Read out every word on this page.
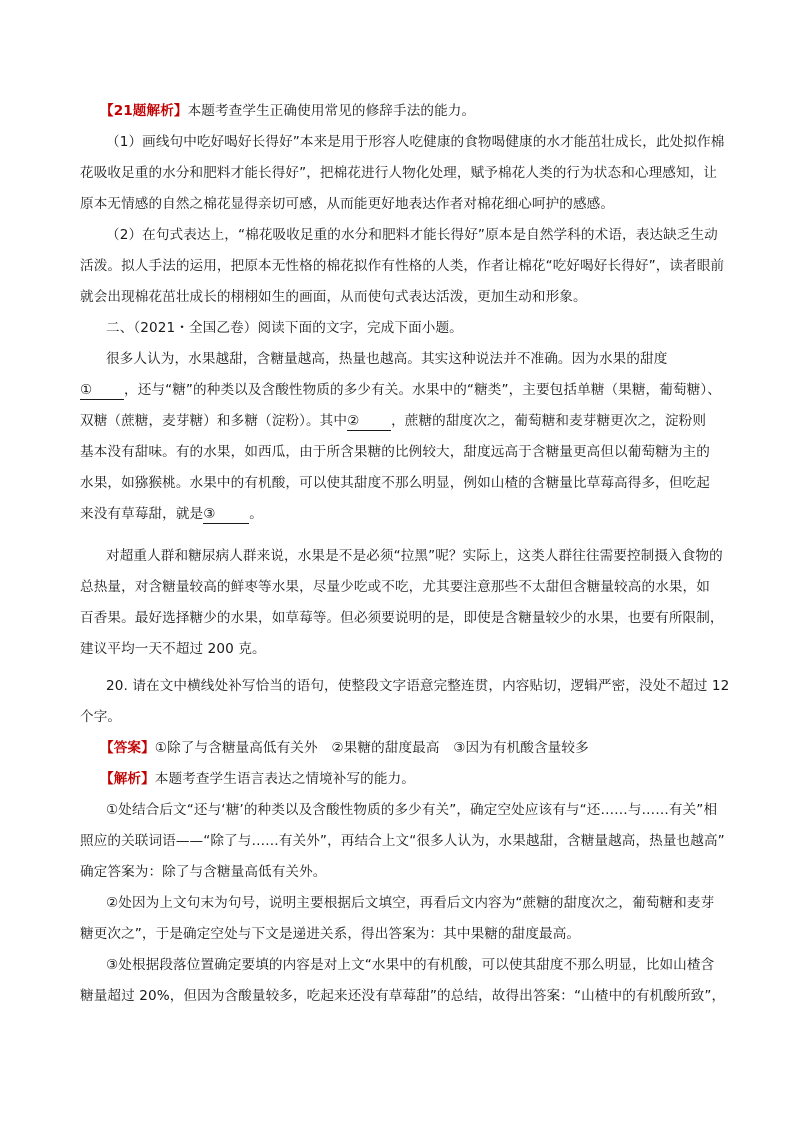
【21题解析】本题考查学生正确使用常见的修辞手法的能力。
（1）画线句中吃好喝好长得好”本来是用于形容人吃健康的食物喝健康的水才能茁壮成长，此处拟作棉
花吸收足重的水分和肥料才能长得好”，把棉花进行人物化处理，赋予棉花人类的行为状态和心理感知，让
原本无情感的自然之棉花显得亲切可感，从而能更好地表达作者对棉花细心呵护的感感。
（2）在句式表达上，“棉花吸收足重的水分和肥料才能长得好”原本是自然学科的术语，表达缺乏生动
活泼。拟人手法的运用，把原本无性格的棉花拟作有性格的人类，作者让棉花“吃好喝好长得好”，读者眼前
就会出现棉花茁壮成长的栩栩如生的画面，从而使句式表达活泼，更加生动和形象。
二、（2021・全国乙卷）阅读下面的文字，完成下面小题。
很多人认为，水果越甜，含糖量越高，热量也越高。其实这种说法并不准确。因为水果的甜度
① ，还与“糖”的种类以及含酸性物质的多少有关。水果中的“糖类”，主要包括单糖（果糖，葡萄糖）、
双糖（蔗糖，麦芽糖）和多糖（淀粉）。其中② ，蔗糖的甜度次之，葡萄糖和麦芽糖更次之，淀粉则
基本没有甜味。有的水果，如西瓜，由于所含果糖的比例较大，甜度远高于含糖量更高但以葡萄糖为主的
水果，如猕猴桃。水果中的有机酸，可以使其甜度不那么明显，例如山楂的含糖量比草莓高得多，但吃起
来没有草莓甜，就是③ 。
对超重人群和糖尿病人群来说，水果是不是必须“拉黑”呢？实际上，这类人群往往需要控制摄入食物的
总热量，对含糖量较高的鲜枣等水果，尽量少吃或不吃，尤其要注意那些不太甜但含糖量较高的水果，如
百香果。最好选择糖少的水果，如草莓等。但必须要说明的是，即使是含糖量较少的水果，也要有所限制，
建议平均一天不超过 200 克。
20. 请在文中横线处补写恰当的语句，使整段文字语意完整连贯，内容贴切，逻辑严密，没处不超过 12
个字。
【答案】①除了与含糖量高低有关外　②果糖的甜度最高　③因为有机酸含量较多
【解析】本题考查学生语言表达之情境补写的能力。
①处结合后文“还与‘糖’的种类以及含酸性物质的多少有关”，确定空处应该有与“还……与……有关”相
照应的关联词语——“除了与……有关外”，再结合上文“很多人认为，水果越甜，含糖量越高，热量也越高”
确定答案为：除了与含糖量高低有关外。
②处因为上文句末为句号，说明主要根据后文填空，再看后文内容为“蔗糖的甜度次之，葡萄糖和麦芽
糖更次之”，于是确定空处与下文是递进关系，得出答案为：其中果糖的甜度最高。
③处根据段落位置确定要填的内容是对上文“水果中的有机酸，可以使其甜度不那么明显，比如山楂含
糖量超过 20%，但因为含酸量较多，吃起来还没有草莓甜”的总结，故得出答案：“山楂中的有机酸所致”，
